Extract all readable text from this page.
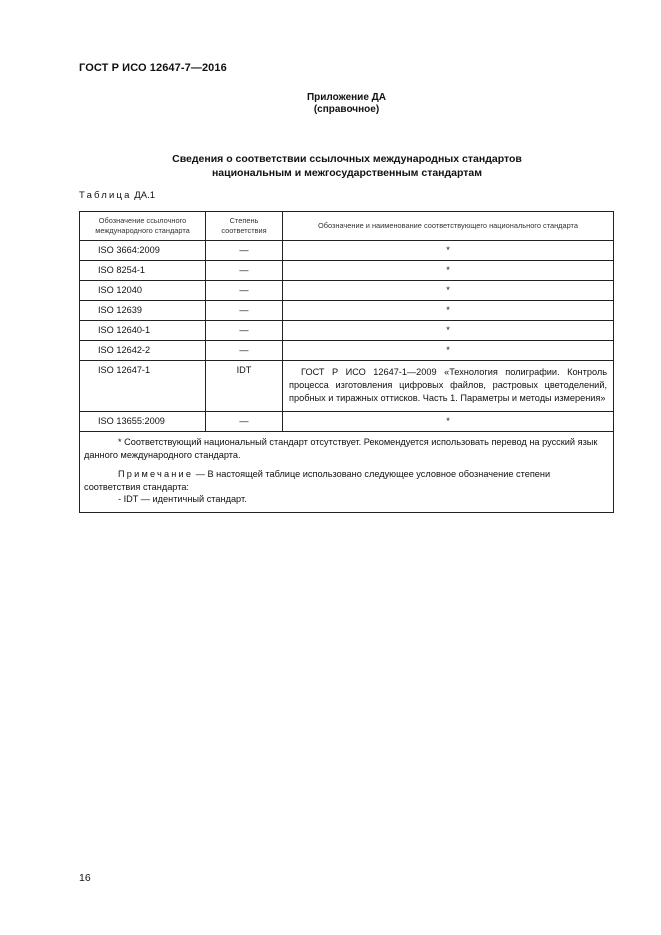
ГОСТ Р ИСО 12647-7—2016
Приложение ДА
(справочное)
Сведения о соответствии ссылочных международных стандартов
национальным и межгосударственным стандартам
Таблица ДА.1
Обозначение ссылочного международного стандарта	Степень соответствия	Обозначение и наименование соответствующего национального стандарта
ISO 3664:2009	—	*
ISO 8254-1	—	*
ISO 12040	—	*
ISO 12639	—	*
ISO 12640-1	—	*
ISO 12642-2	—	*
ISO 12647-1	IDT	ГОСТ Р ИСО 12647-1—2009 «Технология полиграфии. Контроль процесса изготовления цифровых файлов, растровых цветоделений, пробных и тиражных оттисков. Часть 1. Параметры и методы измерения»

ISO 13655:2009	—	*

* Соответствующий национальный стандарт отсутствует. Рекомендуется использовать перевод на русский язык данного международного стандарта.

Примечание — В настоящей таблице использовано следующее условное обозначение степени соответствия стандарта:

- IDT — идентичный стандарт.		

16
